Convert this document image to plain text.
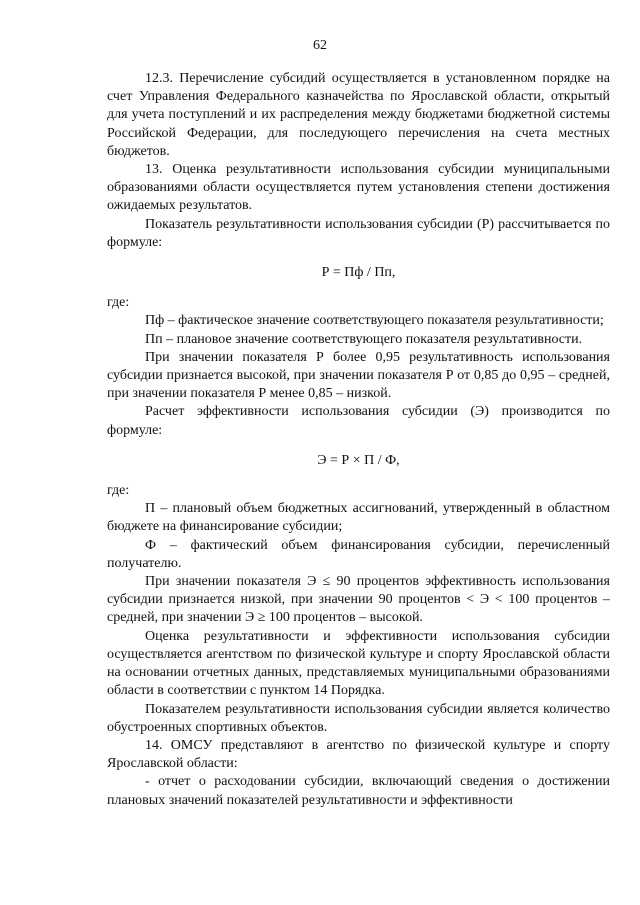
62

12.3. Перечисление субсидий осуществляется в установленном порядке на счет Управления Федерального казначейства по Ярославской области, открытый для учета поступлений и их распределения между бюджетами бюджетной системы Российской Федерации, для последующего перечисления на счета местных бюджетов.

13. Оценка результативности использования субсидии муниципальными образованиями области осуществляется путем установления степени достижения ожидаемых результатов.

Показатель результативности использования субсидии (Р) рассчитывается по формуле:

Р = Пф / Пп,

где:

Пф – фактическое значение соответствующего показателя результативности;

Пп – плановое значение соответствующего показателя результативности.

При значении показателя Р более 0,95 результативность использования субсидии признается высокой, при значении показателя Р от 0,85 до 0,95 – средней, при значении показателя Р менее 0,85 – низкой.

Расчет эффективности использования субсидии (Э) производится по формуле:

Э = Р × П / Ф,

где:

П – плановый объем бюджетных ассигнований, утвержденный в областном бюджете на финансирование субсидии;

Ф – фактический объем финансирования субсидии, перечисленный получателю.

При значении показателя Э ≤ 90 процентов эффективность использования субсидии признается низкой, при значении 90 процентов < Э < 100 процентов – средней, при значении Э ≥ 100 процентов – высокой.

Оценка результативности и эффективности использования субсидии осуществляется агентством по физической культуре и спорту Ярославской области на основании отчетных данных, представляемых муниципальными образованиями области в соответствии с пунктом 14 Порядка.

Показателем результативности использования субсидии является количество обустроенных спортивных объектов.

14. ОМСУ представляют в агентство по физической культуре и спорту Ярославской области:

- отчет о расходовании субсидии, включающий сведения о достижении плановых значений показателей результативности и эффективности
